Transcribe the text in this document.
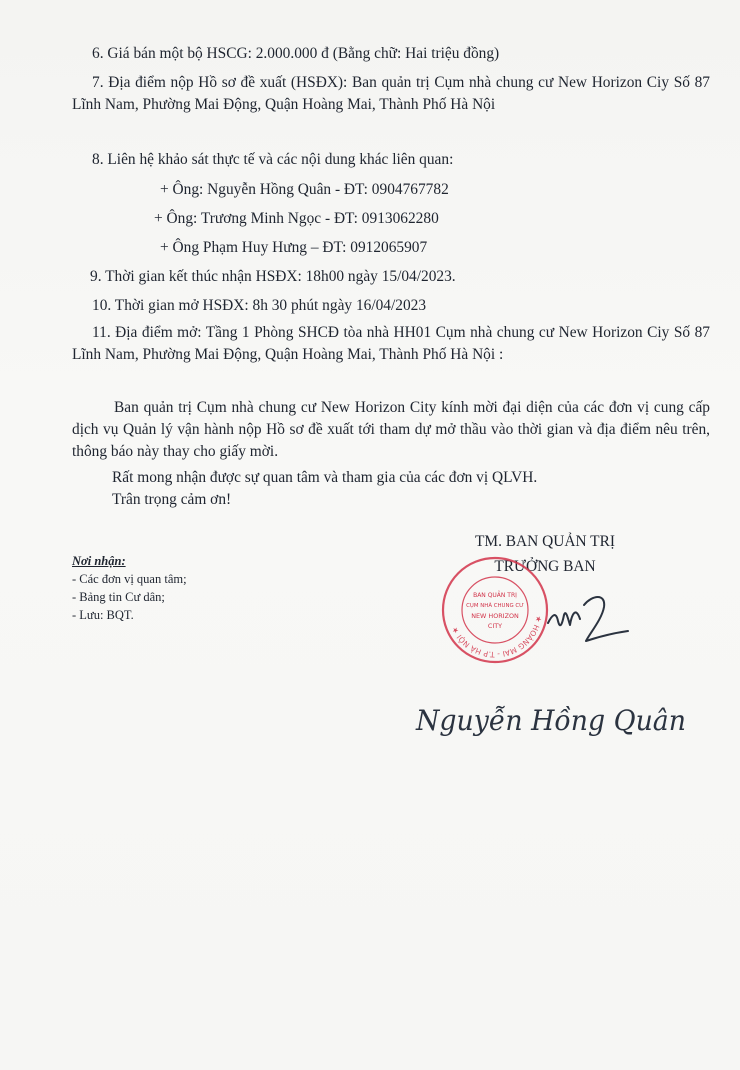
6. Giá bán một bộ HSCG: 2.000.000 đ (Bằng chữ: Hai triệu đồng)

7. Địa điểm nộp Hồ sơ đề xuất (HSĐX): Ban quản trị Cụm nhà chung cư New Horizon Ciy Số 87 Lĩnh Nam, Phường Mai Động, Quận Hoàng Mai, Thành Phố Hà Nội

8. Liên hệ khảo sát thực tế và các nội dung khác liên quan:

+ Ông: Nguyễn Hồng Quân - ĐT: 0904767782

+ Ông: Trương Minh Ngọc - ĐT: 0913062280

+ Ông Phạm Huy Hưng – ĐT: 0912065907

9. Thời gian kết thúc nhận HSĐX: 18h00 ngày 15/04/2023.

10. Thời gian mở HSĐX: 8h 30 phút ngày 16/04/2023

11. Địa điểm mở: Tầng 1 Phòng SHCĐ tòa nhà HH01 Cụm nhà chung cư New Horizon Ciy Số 87 Lĩnh Nam, Phường Mai Động, Quận Hoàng Mai, Thành Phố Hà Nội :

Ban quản trị Cụm nhà chung cư New Horizon City kính mời đại diện của các đơn vị cung cấp dịch vụ Quản lý vận hành nộp Hồ sơ đề xuất tới tham dự mở thầu vào thời gian và địa điểm nêu trên, thông báo này thay cho giấy mời.

Rất mong nhận được sự quan tâm và tham gia của các đơn vị QLVH.

Trân trọng cảm ơn!

Nơi nhận:
- Các đơn vị quan tâm;
- Bảng tin Cư dân;
- Lưu: BQT.
TM. BAN QUẢN TRỊ
TRƯỞNG BAN
★ HOÀNG MAI - T.P HÀ NỘI ★
BAN QUẢN TRỊ
CỤM NHÀ CHUNG CƯ
NEW HORIZON
CITY
Nguyễn Hồng Quân
